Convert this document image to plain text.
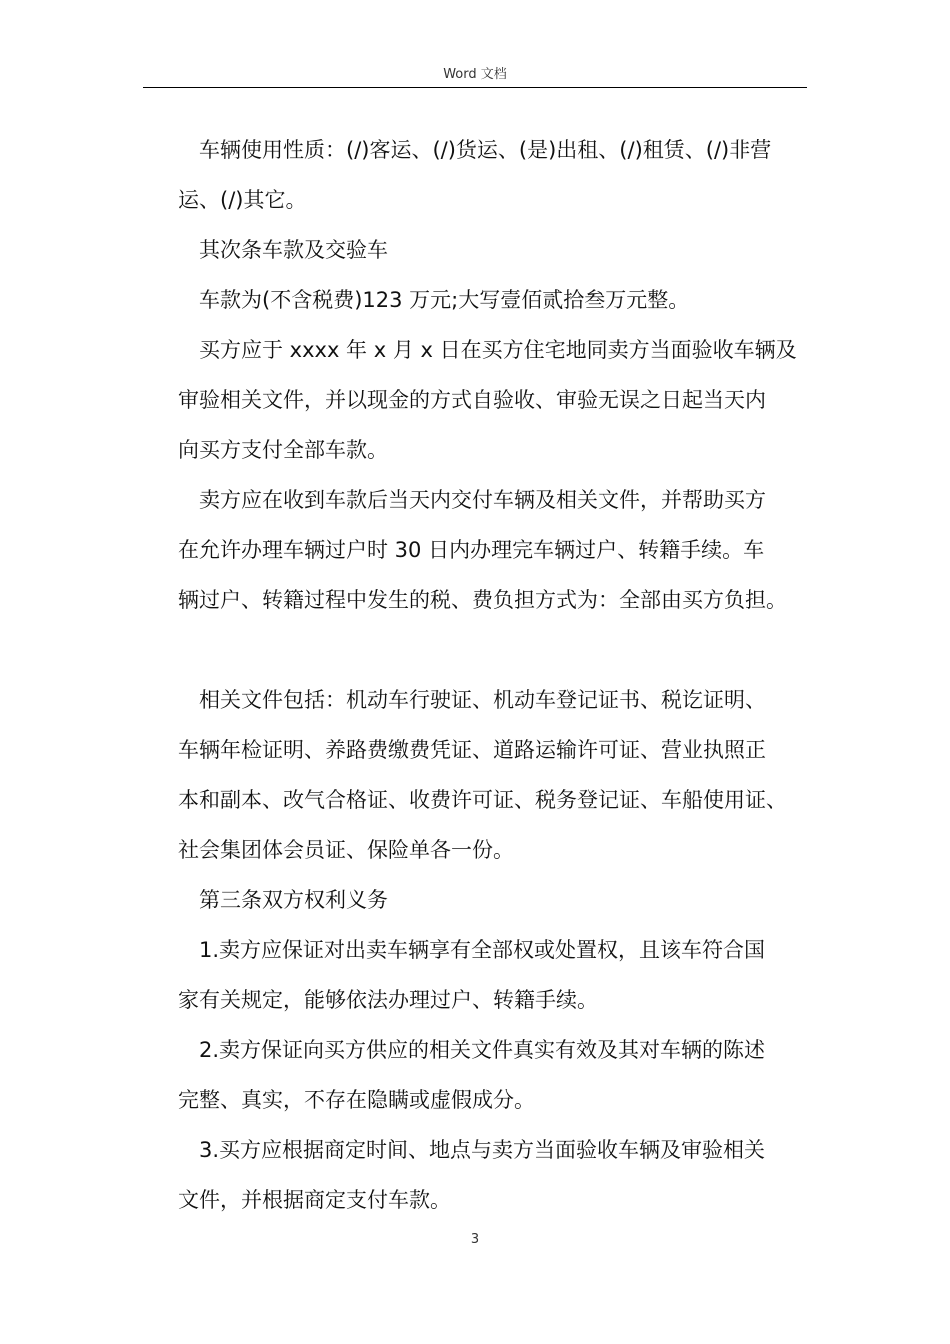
Word 文档

车辆使用性质：(/)客运、(/)货运、(是)出租、(/)租赁、(/)非营
运、(/)其它。

其次条车款及交验车

车款为(不含税费)123 万元;大写壹佰贰拾叁万元整。

买方应于 xxxx 年 x 月 x 日在买方住宅地同卖方当面验收车辆及
审验相关文件，并以现金的方式自验收、审验无误之日起当天内
向买方支付全部车款。

卖方应在收到车款后当天内交付车辆及相关文件，并帮助买方
在允许办理车辆过户时 30 日内办理完车辆过户、转籍手续。车
辆过户、转籍过程中发生的税、费负担方式为：全部由买方负担。

相关文件包括：机动车行驶证、机动车登记证书、税讫证明、
车辆年检证明、养路费缴费凭证、道路运输许可证、营业执照正
本和副本、改气合格证、收费许可证、税务登记证、车船使用证、
社会集团体会员证、保险单各一份。

第三条双方权利义务

1.卖方应保证对出卖车辆享有全部权或处置权，且该车符合国
家有关规定，能够依法办理过户、转籍手续。

2.卖方保证向买方供应的相关文件真实有效及其对车辆的陈述
完整、真实，不存在隐瞒或虚假成分。

3.买方应根据商定时间、地点与卖方当面验收车辆及审验相关
文件，并根据商定支付车款。

3
